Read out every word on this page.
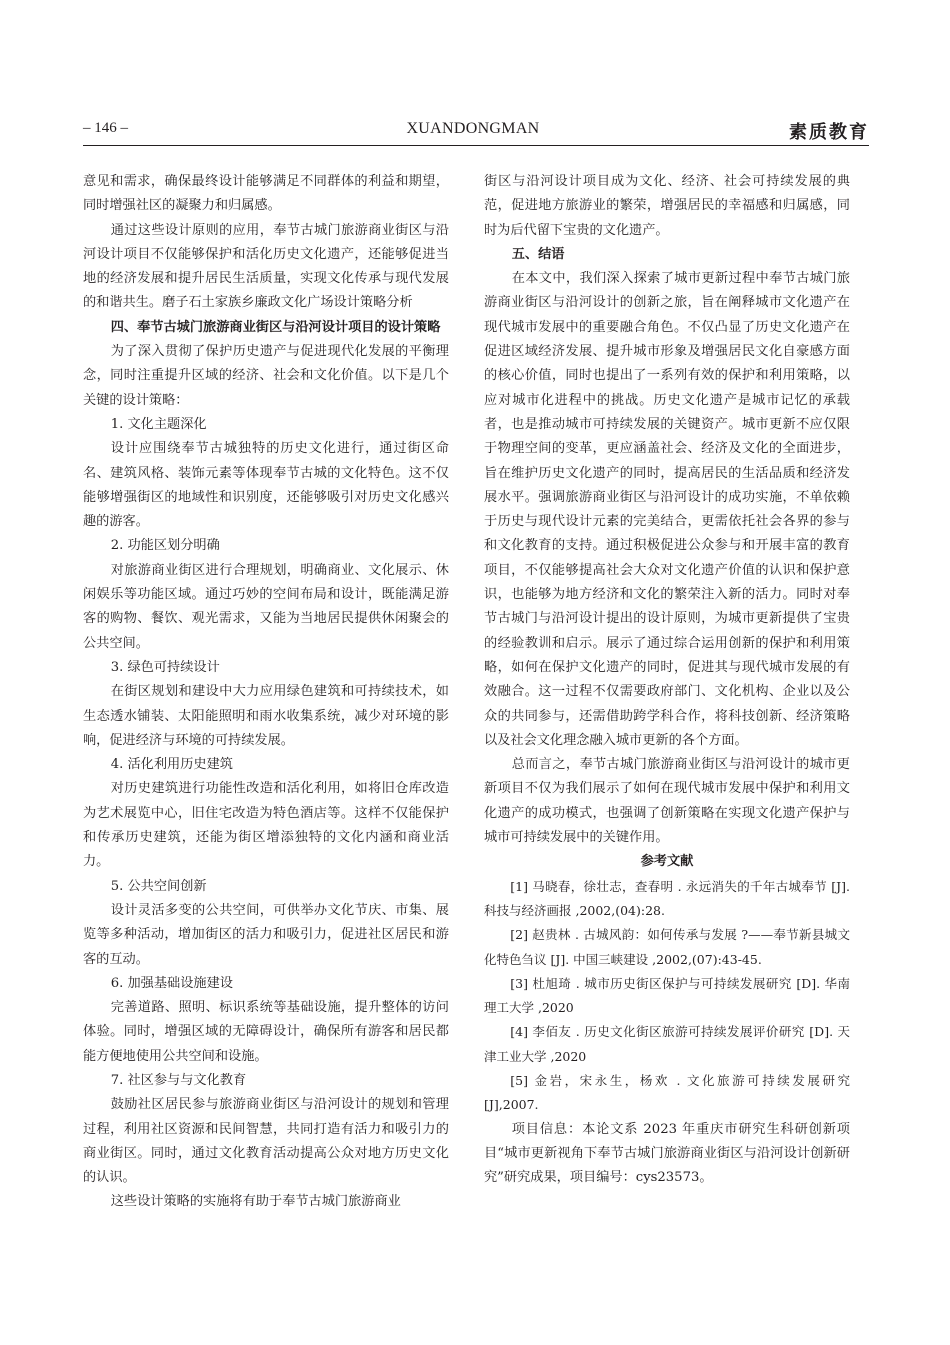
– 146 –	XUANDONGMAN	素质教育

意见和需求，确保最终设计能够满足不同群体的利益和期望，同时增强社区的凝聚力和归属感。

通过这些设计原则的应用，奉节古城门旅游商业街区与沿河设计项目不仅能够保护和活化历史文化遗产，还能够促进当地的经济发展和提升居民生活质量，实现文化传承与现代发展的和谐共生。磨子石土家族乡廉政文化广场设计策略分析

四、奉节古城门旅游商业街区与沿河设计项目的设计策略

为了深入贯彻了保护历史遗产与促进现代化发展的平衡理念，同时注重提升区域的经济、社会和文化价值。以下是几个关键的设计策略：

1. 文化主题深化

设计应围绕奉节古城独特的历史文化进行，通过街区命名、建筑风格、装饰元素等体现奉节古城的文化特色。这不仅能够增强街区的地域性和识别度，还能够吸引对历史文化感兴趣的游客。

2. 功能区划分明确

对旅游商业街区进行合理规划，明确商业、文化展示、休闲娱乐等功能区域。通过巧妙的空间布局和设计，既能满足游客的购物、餐饮、观光需求，又能为当地居民提供休闲聚会的公共空间。

3. 绿色可持续设计

在街区规划和建设中大力应用绿色建筑和可持续技术，如生态透水铺装、太阳能照明和雨水收集系统，减少对环境的影响，促进经济与环境的可持续发展。

4. 活化利用历史建筑

对历史建筑进行功能性改造和活化利用，如将旧仓库改造为艺术展览中心，旧住宅改造为特色酒店等。这样不仅能保护和传承历史建筑，还能为街区增添独特的文化内涵和商业活力。

5. 公共空间创新

设计灵活多变的公共空间，可供举办文化节庆、市集、展览等多种活动，增加街区的活力和吸引力，促进社区居民和游客的互动。

6. 加强基础设施建设

完善道路、照明、标识系统等基础设施，提升整体的访问体验。同时，增强区域的无障碍设计，确保所有游客和居民都能方便地使用公共空间和设施。

7. 社区参与与文化教育

鼓励社区居民参与旅游商业街区与沿河设计的规划和管理过程，利用社区资源和民间智慧，共同打造有活力和吸引力的商业街区。同时，通过文化教育活动提高公众对地方历史文化的认识。

这些设计策略的实施将有助于奉节古城门旅游商业

街区与沿河设计项目成为文化、经济、社会可持续发展的典范，促进地方旅游业的繁荣，增强居民的幸福感和归属感，同时为后代留下宝贵的文化遗产。

五、结语

在本文中，我们深入探索了城市更新过程中奉节古城门旅游商业街区与沿河设计的创新之旅，旨在阐释城市文化遗产在现代城市发展中的重要融合角色。不仅凸显了历史文化遗产在促进区域经济发展、提升城市形象及增强居民文化自豪感方面的核心价值，同时也提出了一系列有效的保护和利用策略，以应对城市化进程中的挑战。历史文化遗产是城市记忆的承载者，也是推动城市可持续发展的关键资产。城市更新不应仅限于物理空间的变革，更应涵盖社会、经济及文化的全面进步，旨在维护历史文化遗产的同时，提高居民的生活品质和经济发展水平。强调旅游商业街区与沿河设计的成功实施，不单依赖于历史与现代设计元素的完美结合，更需依托社会各界的参与和文化教育的支持。通过积极促进公众参与和开展丰富的教育项目，不仅能够提高社会大众对文化遗产价值的认识和保护意识，也能够为地方经济和文化的繁荣注入新的活力。同时对奉节古城门与沿河设计提出的设计原则，为城市更新提供了宝贵的经验教训和启示。展示了通过综合运用创新的保护和利用策略，如何在保护文化遗产的同时，促进其与现代城市发展的有效融合。这一过程不仅需要政府部门、文化机构、企业以及公众的共同参与，还需借助跨学科合作，将科技创新、经济策略以及社会文化理念融入城市更新的各个方面。

总而言之，奉节古城门旅游商业街区与沿河设计的城市更新项目不仅为我们展示了如何在现代城市发展中保护和利用文化遗产的成功模式，也强调了创新策略在实现文化遗产保护与城市可持续发展中的关键作用。

参考文献

[1] 马晓春，徐壮志，查春明 . 永远消失的千年古城奉节 [J]. 科技与经济画报 ,2002,(04):28.

[2] 赵贵林 . 古城风韵：如何传承与发展 ?——奉节新县城文化特色刍议 [J]. 中国三峡建设 ,2002,(07):43-45.

[3] 杜旭琦 . 城市历史街区保护与可持续发展研究 [D]. 华南理工大学 ,2020

[4] 李佰友 . 历史文化街区旅游可持续发展评价研究 [D]. 天津工业大学 ,2020

[5] 金岩，宋永生，杨欢 . 文化旅游可持续发展研究 [J],2007.

项目信息：本论文系 2023 年重庆市研究生科研创新项目“城市更新视角下奉节古城门旅游商业街区与沿河设计创新研究”研究成果，项目编号：cys23573。
